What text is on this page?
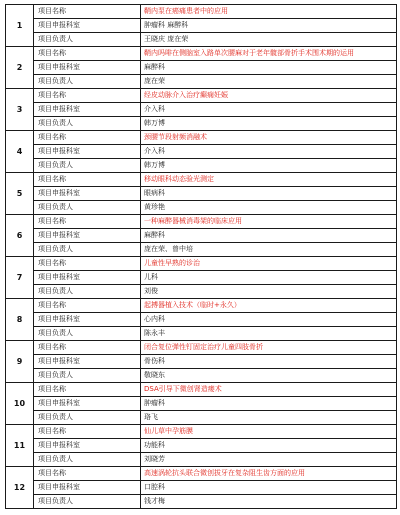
1	项目名称	鞘内泵在癌痛患者中的应用
	项目申报科室	肿瘤科 麻醉科
	项目负责人	王晓庆 庞在荣
2	项目名称	鞘内吗啡在侧脑室入路单次腰麻对于老年髋部骨折手术围术期的运用
	项目申报科室	麻醉科
	项目负责人	庞在荣
3	项目名称	经皮动脉介入治疗癫痫妊娠
	项目申报科室	介入科
	项目负责人	韩万博
4	项目名称	颈腰节段射频消融术
	项目申报科室	介入科
	项目负责人	韩万博
5	项目名称	移动眼科动态验光测定
	项目申报科室	眼病科
	项目负责人	黄珍艳
6	项目名称	一种麻醉器械消毒架的临床应用
	项目申报科室	麻醉科
	项目负责人	庞在荣、曾中培
7	项目名称	儿童性早熟的诊治
	项目申报科室	儿科
	项目负责人	刘俊
8	项目名称	起搏器植入技术（临时+永久）
	项目申报科室	心内科
	项目负责人	陈永丰
9	项目名称	闭合复位弹性钉固定治疗儿童四肢骨折
	项目申报科室	骨伤科
	项目负责人	敬晓东
10	项目名称	DSA引导下微创肾造瘘术
	项目申报科室	肿瘤科
	项目负责人	珞飞
11	项目名称	仙儿草中孕筋膜
	项目申报科室	功能科
	项目负责人	刘晓芳
12	项目名称	高速涡轮抗头联合微创拔牙在复杂阻生齿方面的应用
	项目申报科室	口腔科
	项目负责人	钱才梅
